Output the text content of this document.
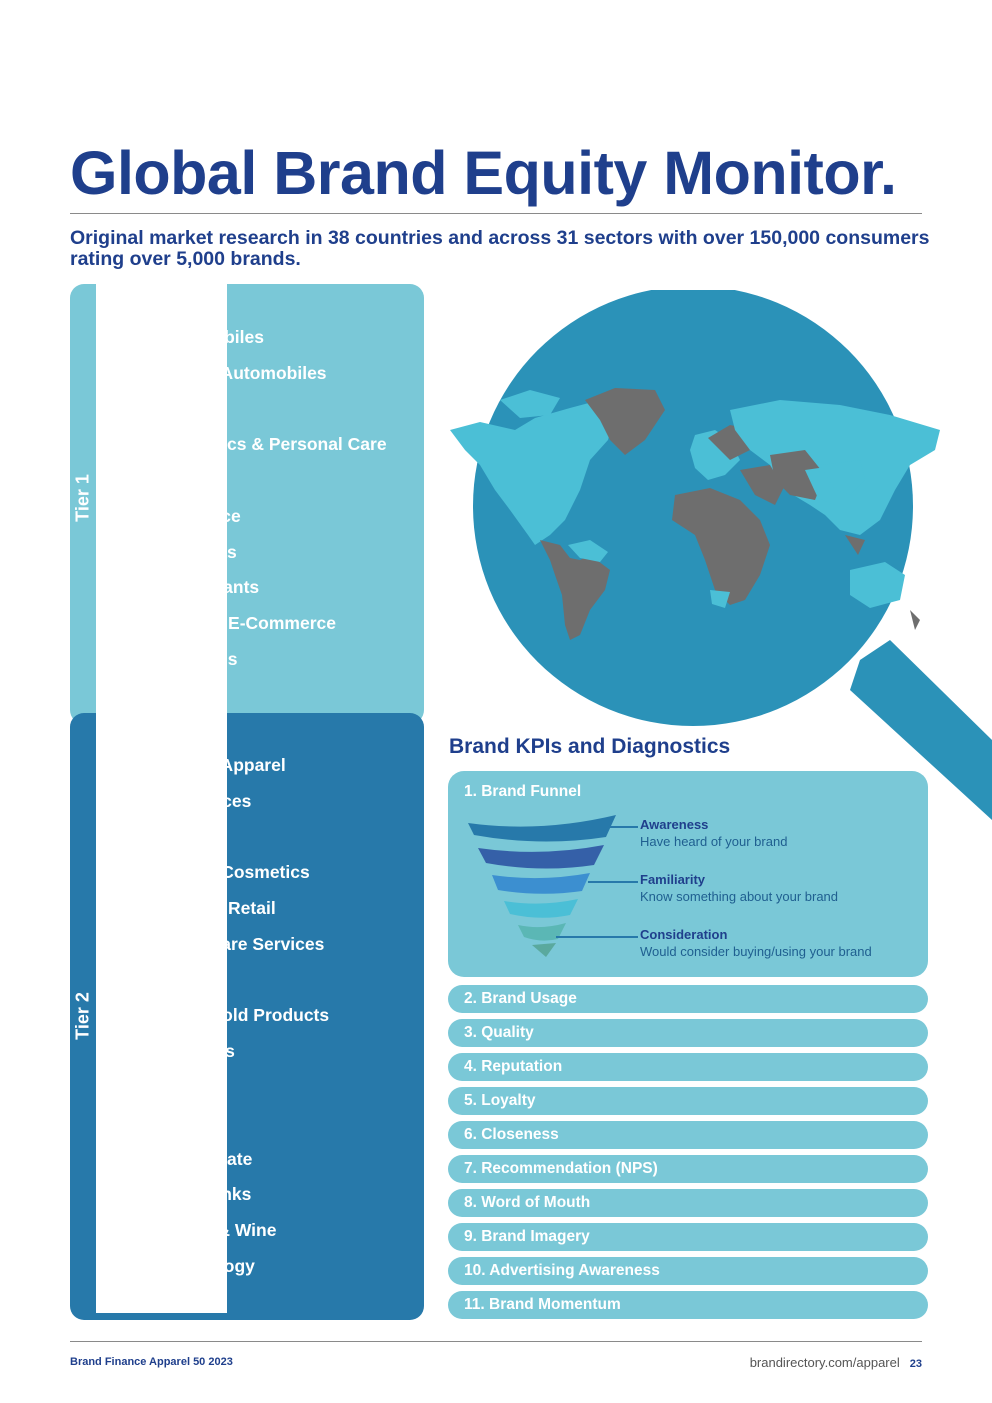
Global Brand Equity Monitor.

Original market research in 38 countries and across 31 sectors with over 150,000 consumers rating over 5,000 brands.

Tier 1
Apparel
Automobiles
Luxury Automobiles
Banks
Cosmetics & Personal Care
Food
Insurance
Oil & Gas
Restaurants
Retail & E-Commerce
Telecoms
Utilities
Tier 2
Airlines
Luxury Apparel
Appliances
Beers
Luxury Cosmetics
General Retail
Healthcare Services
Apparel
Household Products
Logistics
Media
Pharma
Real Estate
Soft Drinks
Spirits & Wine
Technology
Tyres
Brand KPIs and Diagnostics
1. Brand Funnel
Awareness
Have heard of your brand
Familiarity
Know something about your brand
Consideration
Would consider buying/using your brand
2. Brand Usage
3. Quality
4. Reputation
5. Loyalty
6. Closeness
7. Recommendation (NPS)
8. Word of Mouth
9. Brand Imagery
10. Advertising Awareness
11. Brand Momentum
Brand Finance Apparel 50 2023	brandirectory.com/apparel 23
